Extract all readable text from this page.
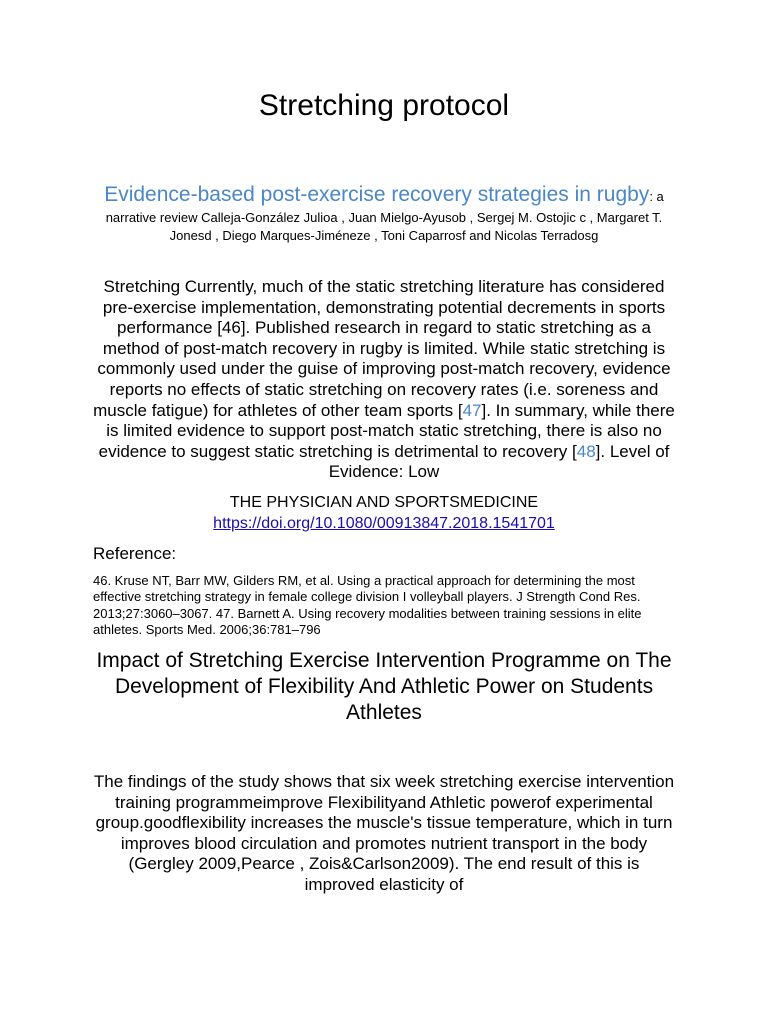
Stretching protocol
Evidence-based post-exercise recovery strategies in rugby: a narrative review Calleja-González Julioa , Juan Mielgo-Ayusob , Sergej M. Ostojic c , Margaret T. Jonesd , Diego Marques-Jiméneze , Toni Caparrosf and Nicolas Terradosg
Stretching Currently, much of the static stretching literature has considered pre-exercise implementation, demonstrating potential decrements in sports performance [46]. Published research in regard to static stretching as a method of post-match recovery in rugby is limited. While static stretching is commonly used under the guise of improving post-match recovery, evidence reports no effects of static stretching on recovery rates (i.e. soreness and muscle fatigue) for athletes of other team sports [47]. In summary, while there is limited evidence to support post-match static stretching, there is also no evidence to suggest static stretching is detrimental to recovery [48]. Level of Evidence: Low
THE PHYSICIAN AND SPORTSMEDICINE
https://doi.org/10.1080/00913847.2018.1541701
Reference:
46. Kruse NT, Barr MW, Gilders RM, et al. Using a practical approach for determining the most effective stretching strategy in female college division I volleyball players. J Strength Cond Res. 2013;27:3060–3067. 47. Barnett A. Using recovery modalities between training sessions in elite athletes. Sports Med. 2006;36:781–796
Impact of Stretching Exercise Intervention Programme on The Development of Flexibility And Athletic Power on Students Athletes
The findings of the study shows that six week stretching exercise intervention training programmeimprove Flexibilityand Athletic powerof experimental group.goodflexibility increases the muscle's tissue temperature, which in turn improves blood circulation and promotes nutrient transport in the body (Gergley 2009,Pearce , Zois&Carlson2009). The end result of this is improved elasticity of
